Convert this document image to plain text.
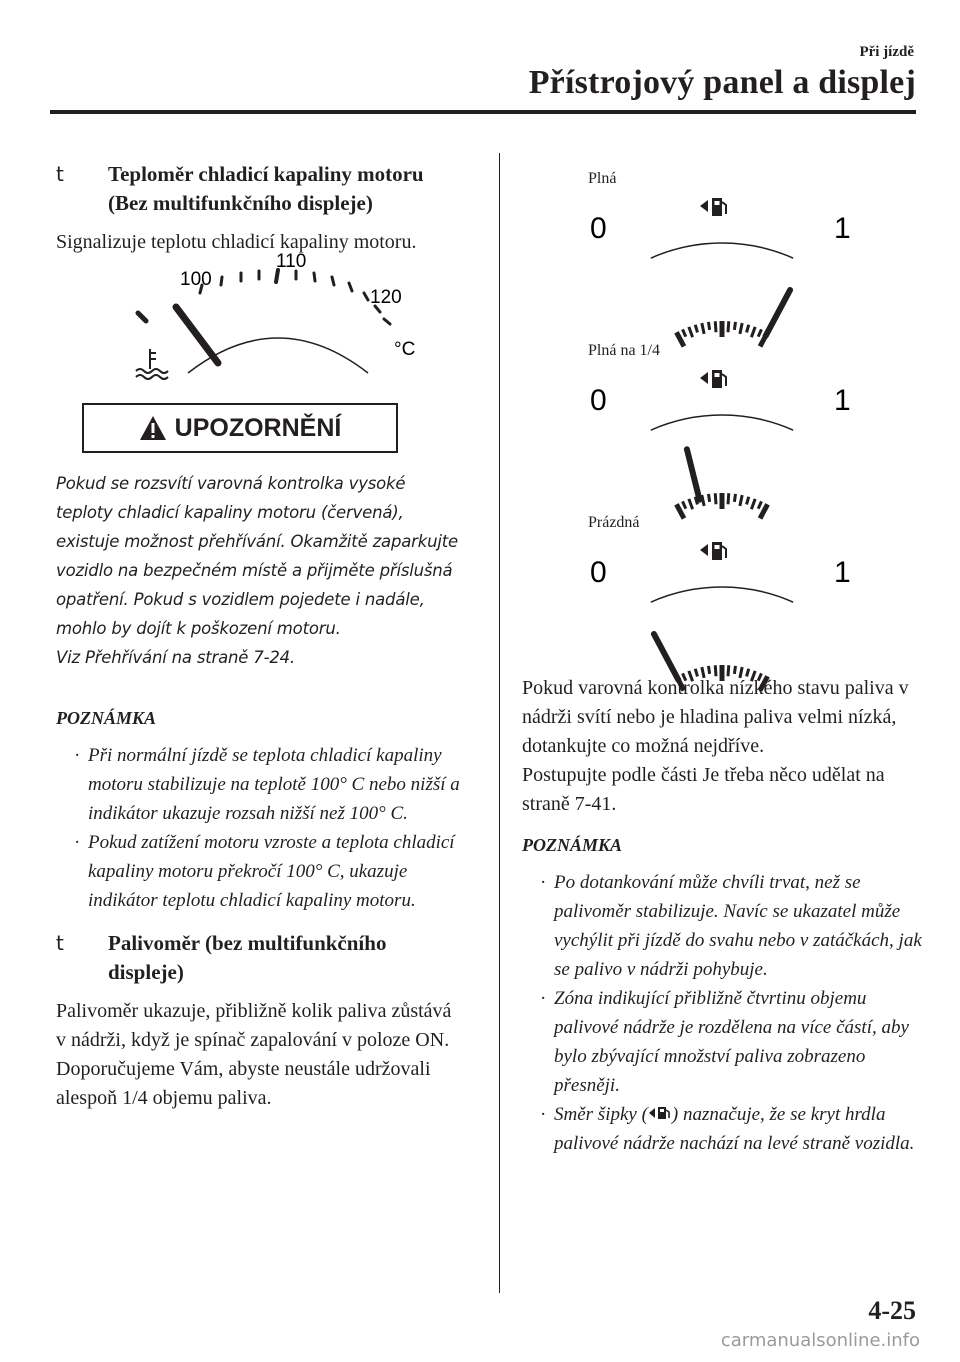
Při jízdě
Přístrojový panel a displej
t Teploměr chladicí kapaliny motoru (Bez multifunkčního displeje)
Signalizuje teplotu chladicí kapaliny motoru.
100
110
120
°C
UPOZORNĚNÍ
Pokud se rozsvítí varovná kontrolka vysoké teploty chladicí kapaliny motoru (červená), existuje možnost přehřívání. Okamžitě zaparkujte vozidlo na bezpečném místě a přijměte příslušná opatření. Pokud s vozidlem pojedete i nadále, mohlo by dojít k poškození motoru.
Viz Přehřívání na straně 7-24.
POZNÁMKA
· Při normální jízdě se teplota chladicí kapaliny motoru stabilizuje na teplotě 100° C nebo nižší a indikátor ukazuje rozsah nižší než 100° C.
· Pokud zatížení motoru vzroste a teplota chladicí kapaliny motoru překročí 100° C, ukazuje indikátor teplotu chladicí kapaliny motoru.
t Palivoměr (bez multifunkčního displeje)
Palivoměr ukazuje, přibližně kolik paliva zůstává v nádrži, když je spínač zapalování v poloze ON. Doporučujeme Vám, abyste neustále udržovali alespoň 1/4 objemu paliva.
Plná
0	1
Plná na 1/4
0	1
Prázdná
0	1
Pokud varovná kontrolka nízkého stavu paliva v nádrži svítí nebo je hladina paliva velmi nízká, dotankujte co možná nejdříve.
Postupujte podle části Je třeba něco udělat na straně 7-41.
POZNÁMKA
· Po dotankování může chvíli trvat, než se palivoměr stabilizuje. Navíc se ukazatel může vychýlit při jízdě do svahu nebo v zatáčkách, jak se palivo v nádrži pohybuje.
· Zóna indikující přibližně čtvrtinu objemu palivové nádrže je rozdělena na více částí, aby bylo zbývající množství paliva zobrazeno přesněji.
· Směr šipky ( ) naznačuje, že se kryt hrdla palivové nádrže nachází na levé straně vozidla.
4-25
carmanualsonline.info
